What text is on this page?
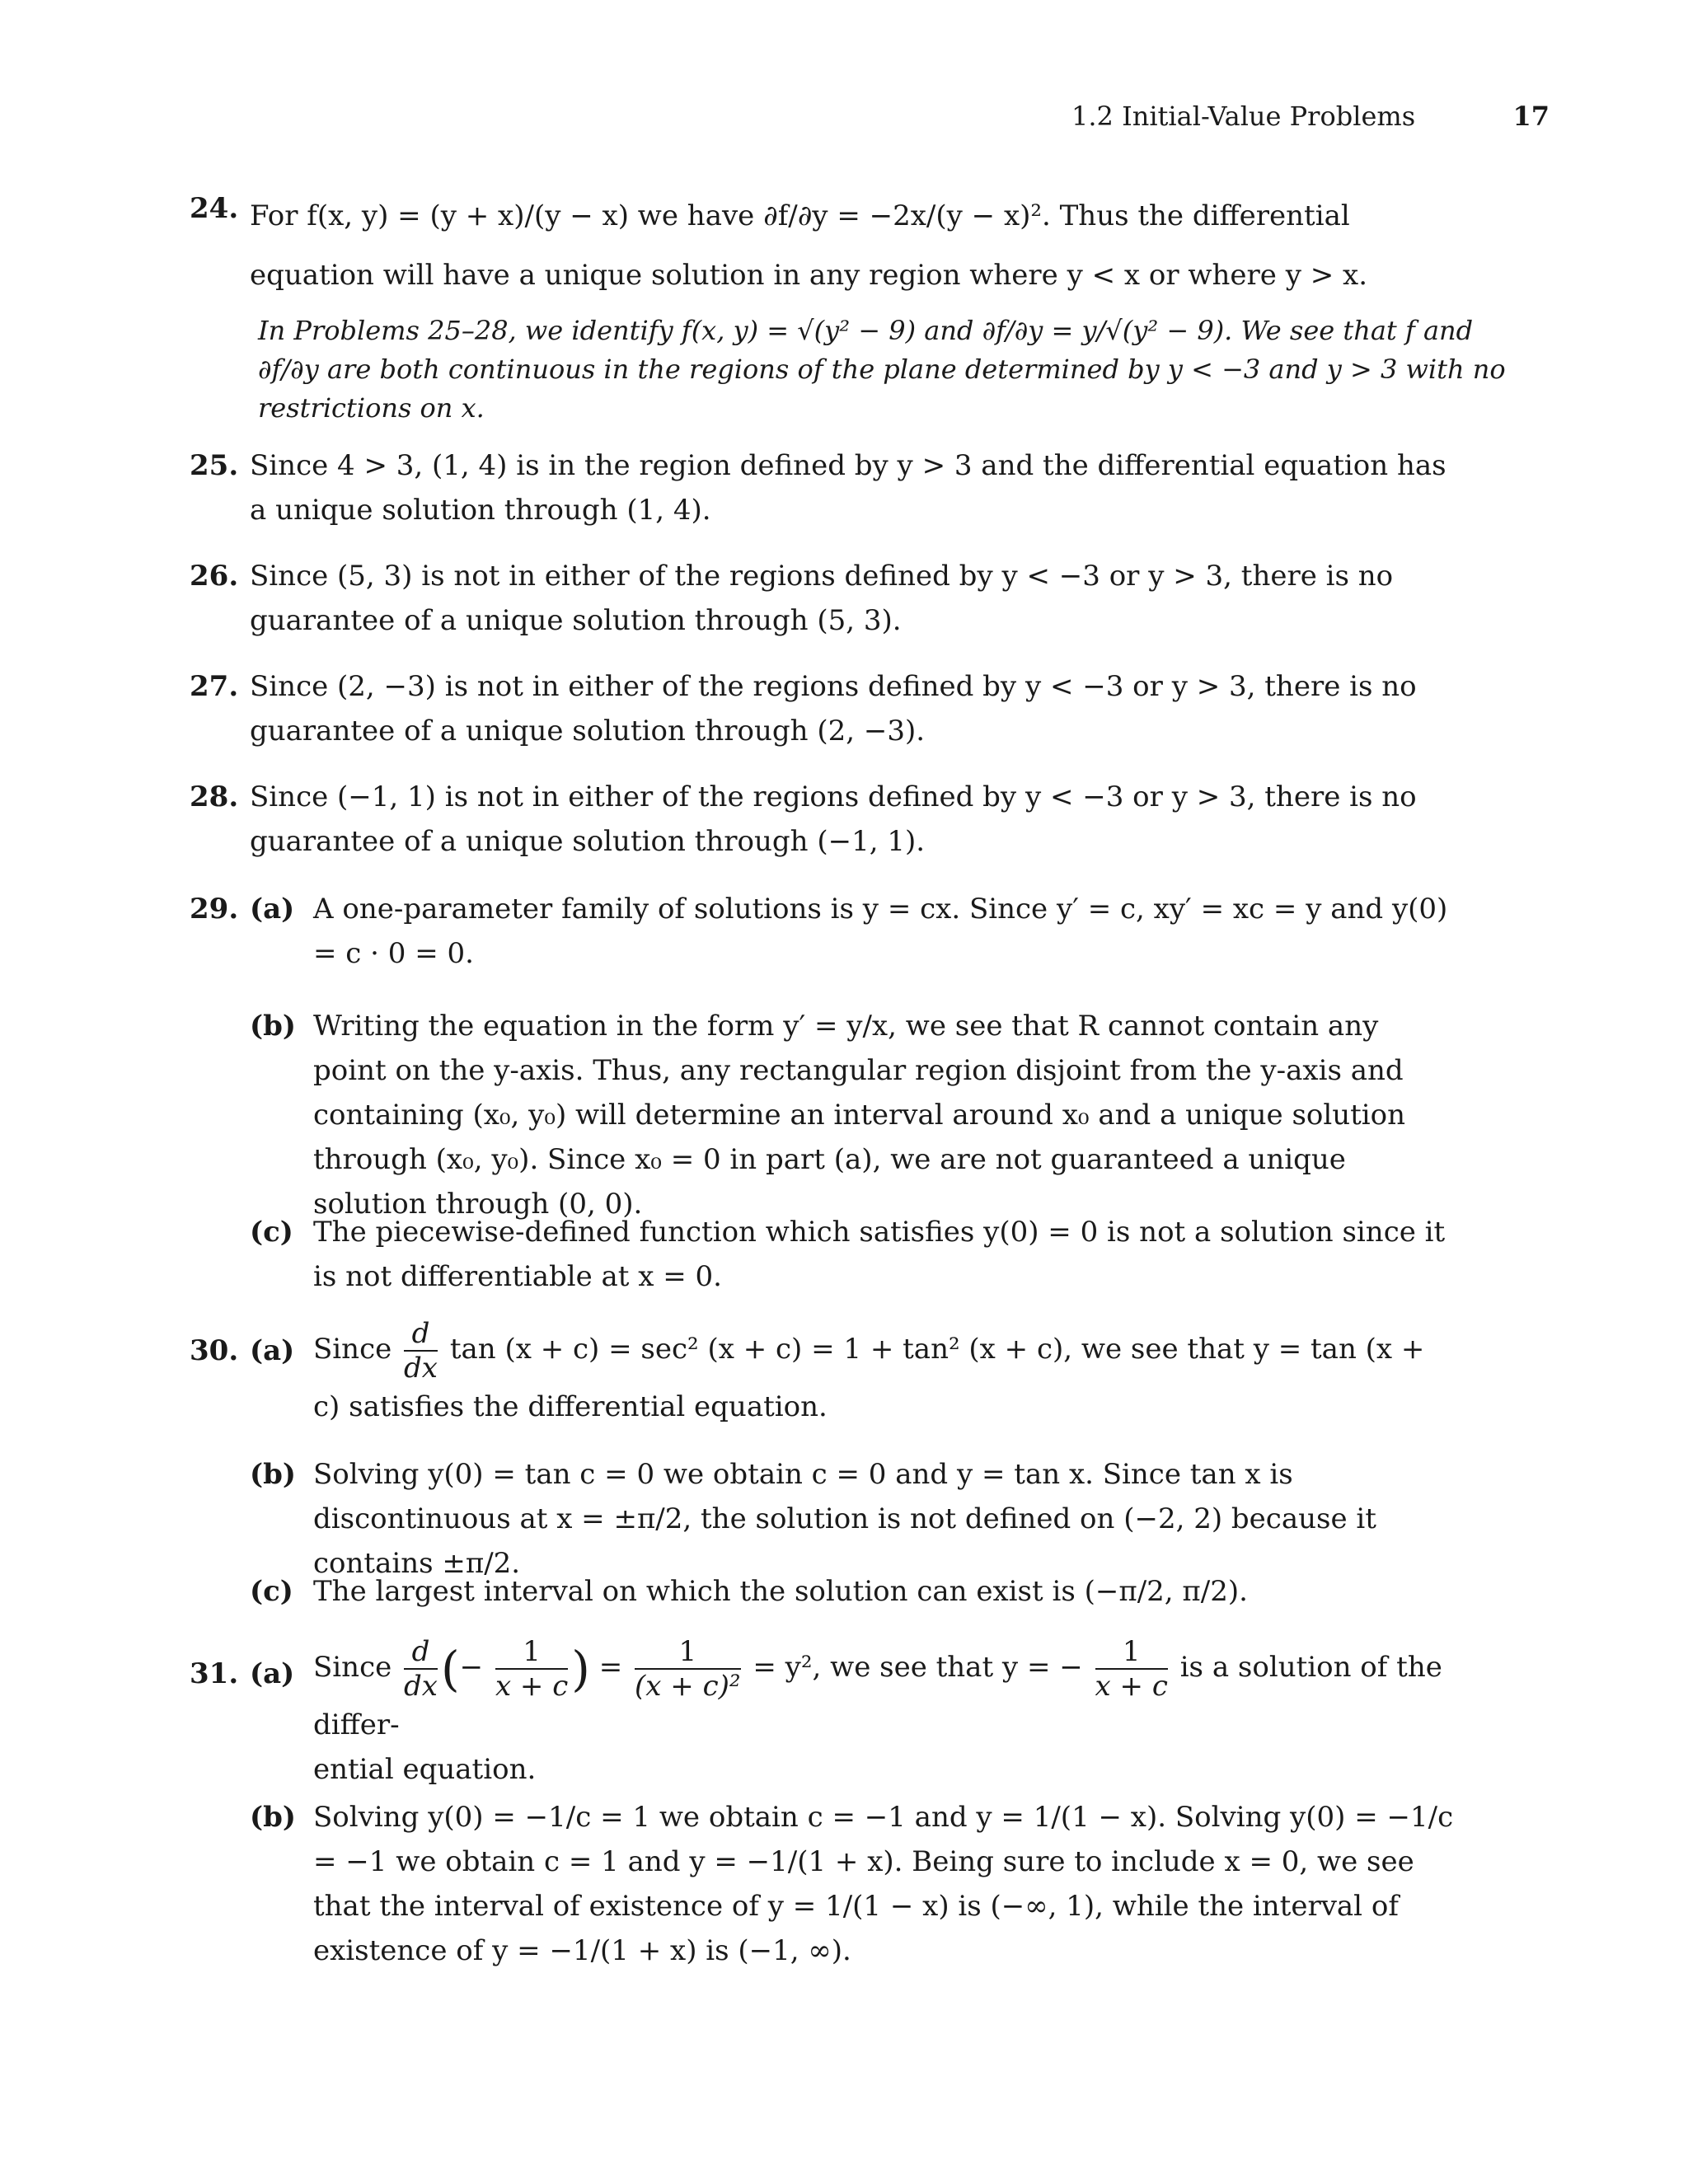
1.2 Initial-Value Problems	17
24. For f(x, y) = (y + x)/(y − x) we have ∂f/∂y = −2x/(y − x)². Thus the differential equation will have a unique solution in any region where y < x or where y > x.
In Problems 25–28, we identify f(x, y) = √(y² − 9) and ∂f/∂y = y/√(y² − 9). We see that f and ∂f/∂y are both continuous in the regions of the plane determined by y < −3 and y > 3 with no restrictions on x.
25. Since 4 > 3, (1, 4) is in the region defined by y > 3 and the differential equation has a unique solution through (1, 4).
26. Since (5, 3) is not in either of the regions defined by y < −3 or y > 3, there is no guarantee of a unique solution through (5, 3).
27. Since (2, −3) is not in either of the regions defined by y < −3 or y > 3, there is no guarantee of a unique solution through (2, −3).
28. Since (−1, 1) is not in either of the regions defined by y < −3 or y > 3, there is no guarantee of a unique solution through (−1, 1).
29. (a) A one-parameter family of solutions is y = cx. Since y′ = c, xy′ = xc = y and y(0) = c · 0 = 0.
(b) Writing the equation in the form y′ = y/x, we see that R cannot contain any point on the y-axis. Thus, any rectangular region disjoint from the y-axis and containing (x₀, y₀) will determine an interval around x₀ and a unique solution through (x₀, y₀). Since x₀ = 0 in part (a), we are not guaranteed a unique solution through (0, 0).
(c) The piecewise-defined function which satisfies y(0) = 0 is not a solution since it is not differentiable at x = 0.
30. (a) Since $\frac{d}{dx}$ tan (x + c) = sec² (x + c) = 1 + tan² (x + c), we see that y = tan (x + c) satisfies the differential equation.
(b) Solving y(0) = tan c = 0 we obtain c = 0 and y = tan x. Since tan x is discontinuous at x = ±π/2, the solution is not defined on (−2, 2) because it contains ±π/2.
(c) The largest interval on which the solution can exist is (−π/2, π/2).
31. (a) Since $\frac{d}{dx}$ (− $\frac{1}{x + c}$ ) = $\frac{1}{\text{(x + c)²}} = y^2$, we see that y = − $\frac{1}{x + c}$ is a solution of the differ-
ential equation.
(b) Solving y(0) = −1/c = 1 we obtain c = −1 and y = 1/(1 − x). Solving y(0) = −1/c = −1 we obtain c = 1 and y = −1/(1 + x). Being sure to include x = 0, we see that the interval of existence of y = 1/(1 − x) is (−∞, 1), while the interval of existence of y = −1/(1 + x) is (−1, ∞).
